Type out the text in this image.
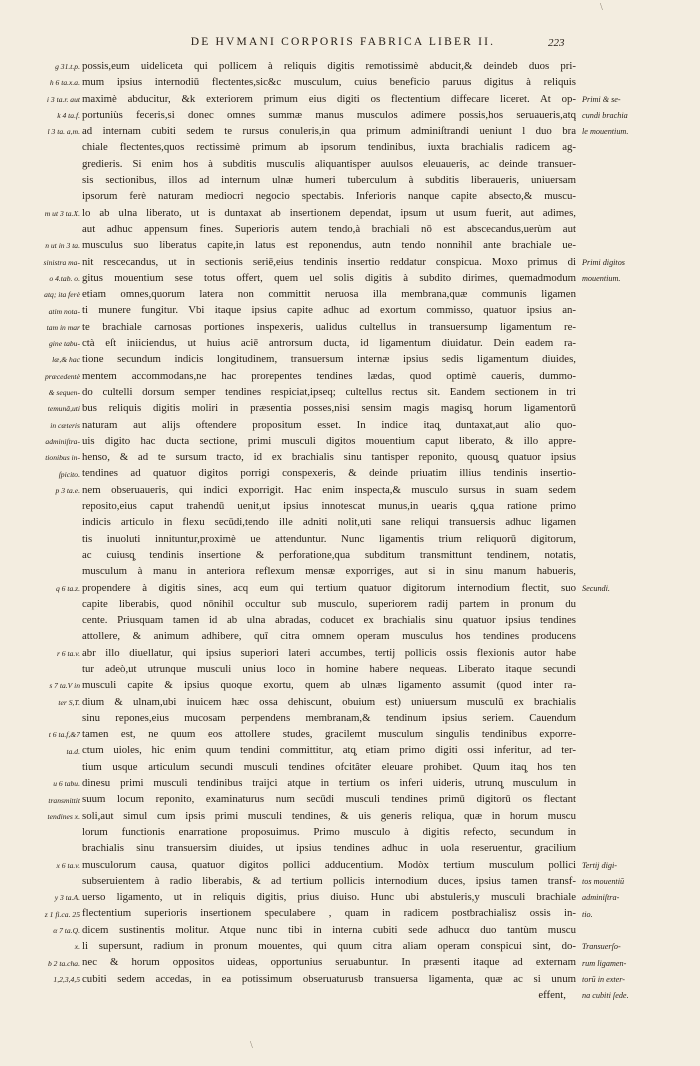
\
DE HVMANI CORPORIS FABRICA LIBER II.	223
g 31.t.p.
h 6 ta.x.a.
i 3 ta.r. aut
k 4 ta.f.
l 3 ta. a,m.
m ut 3 ta.X.
n ut in 3 ta.
sinistra ma-
o 4.tab. o.
atq; ita ferè
atim nota-
tam in mar
gine tabu-
læ,& hac
præcedentè
& sequen-
temunā,uti
in cæteris
adminiſtra-
tionibus in-
ſpicito.
p 3 ta.e.
q 6 ta.z.
r 6 ta.v.
s 7 ta.V in
ter S,T.
t 6 ta.f,&7
ta.d.
u 6 tabu.
transmittit
tendines x.
x 6 ta.v.
y 3 ta.A.
z 1 fi.ca. 25
α 7 ta.Q.
x.
b 2 ta.cha.
1,2,3,4,5
possis,eum uideliceta qui pollicem à reliquis digitis remotissimè abducit,& deindeb duos pri-
mum ipsius internodiū flectentes,sic&c musculum, cuius beneficio paruus digitus à reliquis
maximè abducitur, &k exteriorem primum eius digiti os flectentium diffecare liceret. At op-
portuniùs feceris,si donec omnes summæ manus musculos adimere possis,hos seruaueris,atq̧
ad internam cubiti sedem te rursus conuleris,in qua primum adminiſtrandi ueniunt l duo bra
chiale flectentes,quos rectissimè primum ab ipsorum tendinibus, iuxta brachialis radicem ag-
gredieris. Si enim hos à subditis musculis aliquantisper auulsos eleuaueris, ac deinde transuer-
sis sectionibus, illos ad internum ulnæ humeri tuberculum à subditis liberaueris, uniuersam
ipsorum ferè naturam mediocri negocio spectabis. Inferioris nanque capite absecto,& muscu-
lo ab ulna liberato, ut is duntaxat ab insertionem dependat, ipsum ut usum fuerit, aut adimes,
aut adhuc appensum fines. Superioris autem tendo,à brachiali nō est abscecandus,uerùm aut
musculus suo liberatus capite,in latus est reponendus, autn tendo nonnihil ante brachiale ue-
nit rescecandus, ut in sectionis seriē,eius tendinis insertio reddatur conspicua. Moxo primus di
gitus mouentium sese totus offert, quem uel solis digitis à subdito dirimes, quemadmodum
etiam omnes,quorum latera non committit neruosa illa membrana,quæ communis ligamen
ti munere fungitur. Vbi itaque ipsius capite adhuc ad exortum commisso, quatuor ipsius an-
te brachiale carnosas portiones inspexeris, ualidus cultellus in transuersump ligamentum re-
ctà eſt iniiciendus, ut huius aciē antrorsum ducta, id ligamentum diuidatur. Dein eadem ra-
tione secundum indicis longitudinem, transuersum internæ ipsius sedis ligamentum diuides,
mentem accommodans,ne hac prorepentes tendines lædas, quod optimè caueris, dummo-
do cultelli dorsum semper tendines respiciat,ipseq; cultellus rectus sit. Eandem sectionem in tri
bus reliquis digitis moliri in præsentia posses,nisi sensim magis magisq̧ horum ligamentorū
naturam aut alijs oftendere propositum esset. In indice itaq̧ duntaxat,aut alio quo-
uis digito hac ducta sectione, primi musculi digitos mouentium caput liberato, & illo appre-
henso, & ad te sursum tracto, id ex brachialis sinu tantisper reponito, quousq̧ quatuor ipsius
tendines ad quatuor digitos porrigi conspexeris, & deinde priuatim illius tendinis insertio-
nem obseruaueris, qui indici exporrigit. Hac enim inspecta,& musculo sursus in suam sedem
reposito,eius caput trahendū uenit,ut ipsius innotescat munus,in uearis q̧,qua ratione primo
indicis articulo in flexu secūdi,tendo ille adniti nolit,uti sane reliqui transuersis adhuc ligamen
tis inuoluti innituntur,proximè ue attenduntur. Nunc ligamentis trium reliquorū digitorum,
ac cuiusq̧ tendinis insertione & perforatione,qua subditum transmittunt tendinem, notatis,
musculum à manu in anteriora reflexum mensæ exporriges, aut si in sinu manum habueris,
propendere à digitis sines, acq eum qui tertium quatuor digitorum internodium flectit, suo
capite liberabis, quod nōnihil occultur sub musculo, superiorem radij partem in pronum du
cente. Priusquam tamen id ab ulna abradas, coducet ex brachialis sinu quatuor ipsius tendines
attollere, & animum adhibere, quī citra omnem operam musculus hos tendines producens
abr illo diuellatur, qui ipsius superiori lateri accumbes, tertij pollicis ossis flexionis autor habe
tur adeò,ut utrunque musculi unius loco in homine habere nequeas. Liberato itaque secundi
musculi capite & ipsius quoque exortu, quem ab ulnæs ligamento assumit (quod inter ra-
dium & ulnam,ubi inuicem hæc ossa dehiscunt, obuium est) uniuersum musculū ex brachialis
sinu repones,eius mucosam perpendens membranam,& tendinum ipsius seriem. Cauendum
tamen est, ne quum eos attollere studes, gracilemt musculum singulis tendinibus exporre-
ctum uioles, hic enim quum tendini committitur, atq̧ etiam primo digiti ossi inferitur, ad ter-
tium usque articulum secundi musculi tendines ofcitâter eleuare prohibet. Quum itaq̧ hos ten
dinesu primi musculi tendinibus traijci atque in tertium os inferi uideris, utrunq̧ musculum in
suum locum reponito, examinaturus num secūdi musculi tendines primū digitorū os flectant
soli,aut simul cum ipsis primi musculi tendines, & uis generis reliqua, quæ in horum muscu
lorum functionis enarratione proposuimus. Primo musculo à digitis refecto, secundum in
brachialis sinu transuersim diuides, ut ipsius tendines adhuc in uola reseruentur, gracilium
musculorum causa, quatuor digitos pollici adducentium. Modòx tertium musculum pollici
subseruientem à radio liberabis, & ad tertium pollicis internodium duces, ipsius tamen transf-
uerso ligamento, ut in reliquis digitis, prius diuiso. Hunc ubi abstuleris,y musculi brachiale
flectentium superioris insertionem speculabere , quam in radicem postbrachialisz ossis in-
dicem sustinentis molitur. Atque nunc tibi in interna cubiti sede adhucα duo tantùm muscu
li supersunt, radium in pronum mouentes, qui quum citra aliam operam conspicui sint, do-
nec & horum oppositos uideas, opportunius seruabuntur. In præsenti itaque ad externam
cubiti sedem accedas, in ea potissimum obseruaturusb transuersa ligamenta, quæ ac si unum
effent,
Primi & se-
cundi brachia
le mouentium.
Primi digitos
mouentium.
Secundi.
Tertij digi-
tos mouentiū
adminiſtra-
tio.
Transuerſo-
rum ligamen-
torū in exter-
na cubiti ſede.
\
